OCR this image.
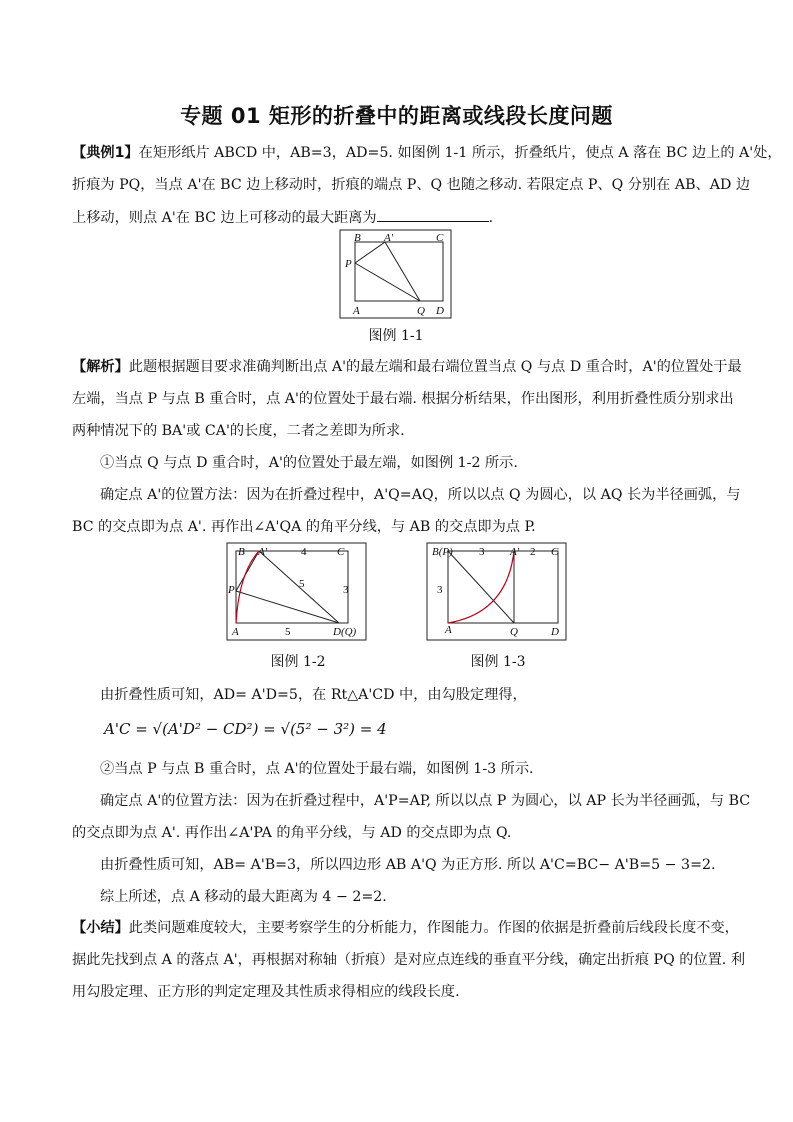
专题 01 矩形的折叠中的距离或线段长度问题
【典例1】在矩形纸片 ABCD 中，AB=3，AD=5. 如图例 1-1 所示，折叠纸片，使点 A 落在 BC 边上的 A'处，
折痕为 PQ，当点 A'在 BC 边上移动时，折痕的端点 P、Q 也随之移动. 若限定点 P、Q 分别在 AB、AD 边
上移动，则点 A'在 BC 边上可移动的最大距离为	.
B A'	C
P
A	Q D
图例 1-1
【解析】此题根据题目要求准确判断出点 A'的最左端和最右端位置当点 Q 与点 D 重合时，A'的位置处于最
左端，当点 P 与点 B 重合时，点 A'的位置处于最右端. 根据分析结果，作出图形，利用折叠性质分别求出
两种情况下的 BA'或 CA'的长度，二者之差即为所求.
①当点 Q 与点 D 重合时，A'的位置处于最左端，如图例 1-2 所示.
确定点 A'的位置方法：因为在折叠过程中，A'Q=AQ，所以以点 Q 为圆心，以 AQ 长为半径画弧，与
BC 的交点即为点 A'. 再作出∠A'QA 的角平分线，与 AB 的交点即为点 P.
B A'	4	C
5
P	3
A	5	D(Q)
图例 1-2
B(P) 3 A' 2 C
3
A	Q	D
图例 1-3
由折叠性质可知，AD= A'D=5，在 Rt△A'CD 中，由勾股定理得，
A'C = √(A'D² − CD²) = √(5² − 3²) = 4
②当点 P 与点 B 重合时，点 A'的位置处于最右端，如图例 1-3 所示.
确定点 A'的位置方法：因为在折叠过程中，A'P=AP, 所以以点 P 为圆心，以 AP 长为半径画弧，与 BC
的交点即为点 A'. 再作出∠A'PA 的角平分线，与 AD 的交点即为点 Q.
由折叠性质可知，AB= A'B=3，所以四边形 AB A'Q 为正方形. 所以 A'C=BC− A'B=5 − 3=2.
综上所述，点 A 移动的最大距离为 4 − 2=2.
【小结】此类问题难度较大，主要考察学生的分析能力，作图能力。作图的依据是折叠前后线段长度不变，
据此先找到点 A 的落点 A'，再根据对称轴（折痕）是对应点连线的垂直平分线，确定出折痕 PQ 的位置. 利
用勾股定理、正方形的判定定理及其性质求得相应的线段长度.
